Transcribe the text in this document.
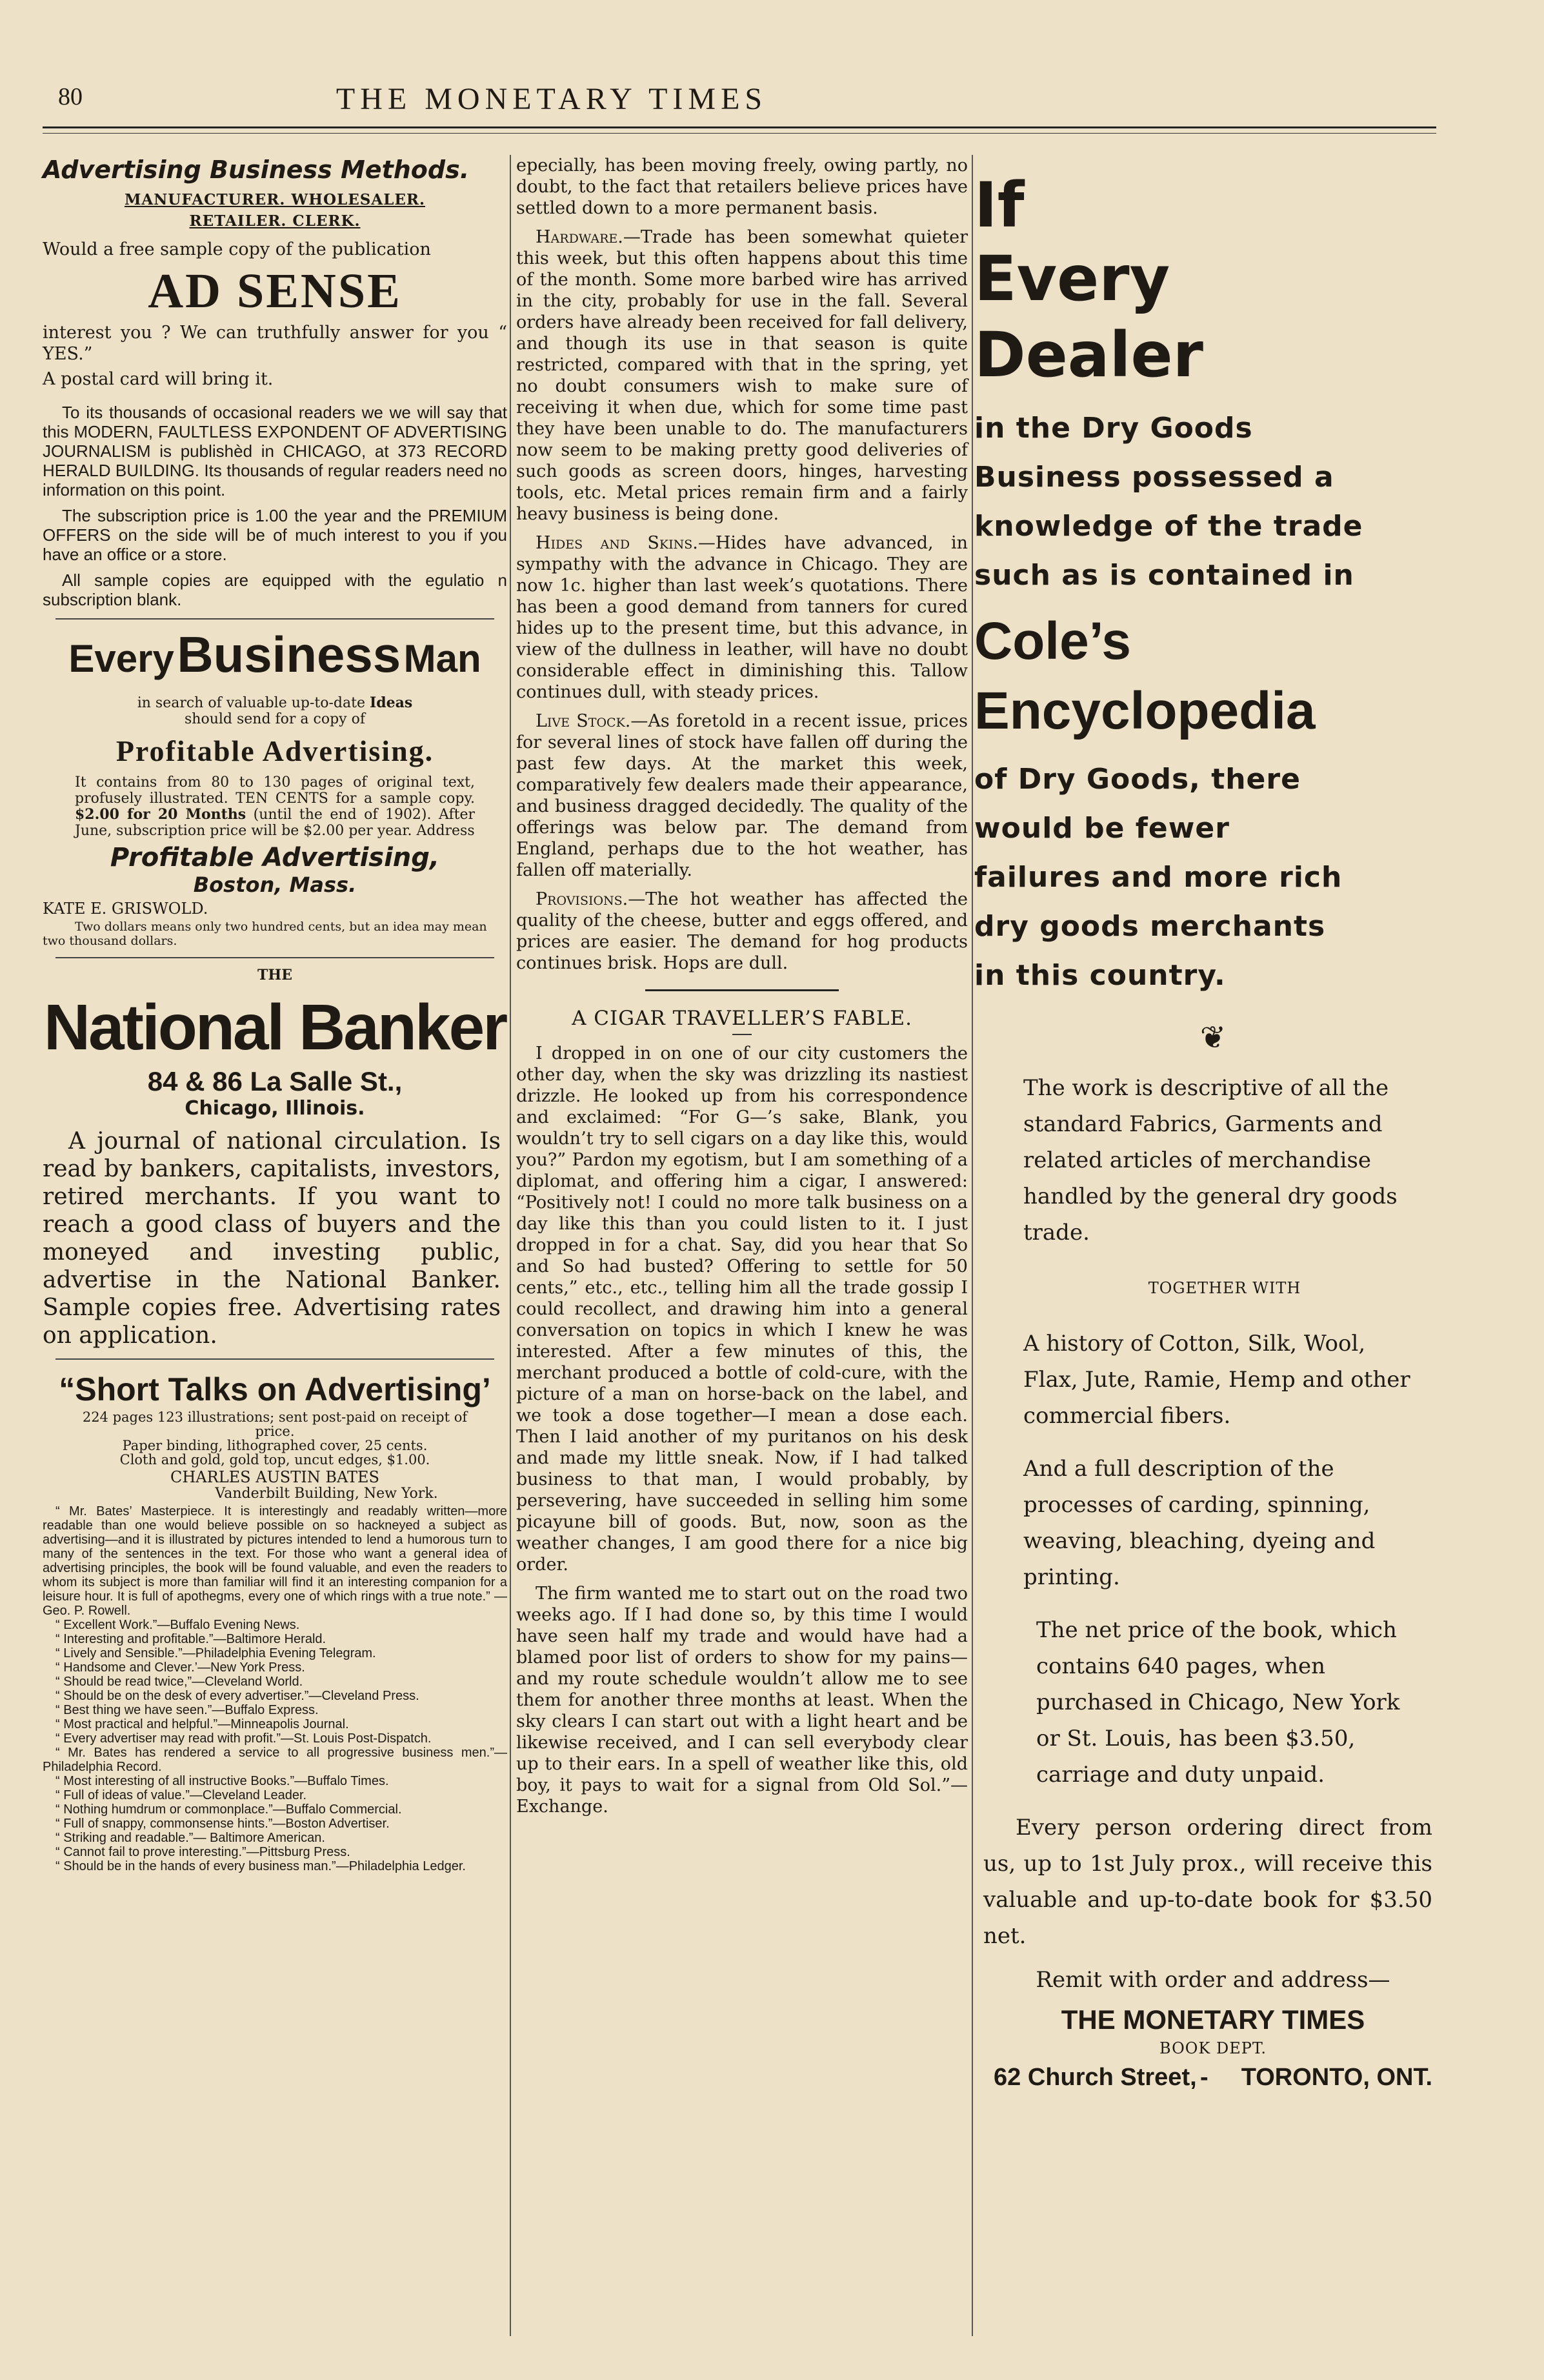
80	THE MONETARY TIMES
Advertising Business Methods.
MANUFACTURER. WHOLESALER.
RETAILER. CLERK.
Would a free sample copy of the publication
AD SENSE
interest you ? We can truthfully answer for you “ YES.”
A postal card will bring it.
To its thousands of occasional readers we we will say that this MODERN, FAULTLESS EXPONDENT OF ADVERTISING JOURNALISM is publishèd in CHICAGO, at 373 RECORD HERALD BUILDING. Its thousands of regular readers need no information on this point.
The subscription price is 1.00 the year and the PREMIUM OFFERS on the side will be of much interest to you if you have an office or a store.
All sample copies are equipped with the egulatio n subscription blank.
Every Business Man
in search of valuable up-to-date Ideas
should send for a copy of
Profitable Advertising.
It contains from 80 to 130 pages of original text, profusely illustrated. TEN CENTS for a sample copy. $2.00 for 20 Months (until the end of 1902). After June, subscription price will be $2.00 per year. Address
Profitable Advertising,
Boston, Mass.
KATE E. GRISWOLD.
Two dollars means only two hundred cents, but an idea may mean two thousand dollars.
THE
National Banker
84 & 86 La Salle St.,
Chicago, Illinois.
A journal of national circulation. Is read by bankers, capitalists, investors, retired merchants. If you want to reach a good class of buyers and the moneyed and investing public, advertise in the National Banker. Sample copies free. Advertising rates on application.
“Short Talks on Advertising’
224 pages 123 illustrations; sent post-paid on receipt of price.
Paper binding, lithographed cover, 25 cents.
Cloth and gold, gold top, uncut edges, $1.00.
CHARLES AUSTIN BATES
Vanderbilt Building, New York.
“ Mr. Bates’ Masterpiece. It is interestingly and readably written—more readable than one would believe possible on so hackneyed a subject as advertising—and it is illustrated by pictures intended to lend a humorous turn to many of the sentences in the text. For those who want a general idea of advertising principles, the book will be found valuable, and even the readers to whom its subject is more than familiar will find it an interesting companion for a leisure hour. It is full of apothegms, every one of which rings with a true note.” —Geo. P. Rowell.
“ Excellent Work.”—Buffalo Evening News.
“ Interesting and profitable.”—Baltimore Herald.
“ Lively and Sensible.”—Philadelphia Evening Telegram.
“ Handsome and Clever.’—New York Press.
“ Should be read twice,”—Cleveland World.
“ Should be on the desk of every advertiser.”—Cleveland Press.
“ Best thing we have seen.”—Buffalo Express.
“ Most practical and helpful.”—Minneapolis Journal.
“ Every advertiser may read with profit.”—St. Louis Post-Dispatch.
“ Mr. Bates has rendered a service to all progressive business men.”—Philadelphia Record.
“ Most interesting of all instructive Books.”—Buffalo Times.
“ Full of ideas of value.”—Cleveland Leader.
“ Nothing humdrum or commonplace.”—Buffalo Commercial.
“ Full of snappy, commonsense hints.”—Boston Advertiser.
“ Striking and readable.”— Baltimore American.
“ Cannot fail to prove interesting.”—Pittsburg Press.
“ Should be in the hands of every business man.”—Philadelphia Ledger.

epecially, has been moving freely, owing partly, no doubt, to the fact that retailers believe prices have settled down to a more permanent basis.

Hardware.—Trade has been somewhat quieter this week, but this often happens about this time of the month. Some more barbed wire has arrived in the city, probably for use in the fall. Several orders have already been received for fall delivery, and though its use in that season is quite restricted, compared with that in the spring, yet no doubt consumers wish to make sure of receiving it when due, which for some time past they have been unable to do. The manufacturers now seem to be making pretty good deliveries of such goods as screen doors, hinges, harvesting tools, etc. Metal prices remain firm and a fairly heavy business is being done.

Hides and Skins.—Hides have advanced, in sympathy with the advance in Chicago. They are now 1c. higher than last week’s quotations. There has been a good demand from tanners for cured hides up to the present time, but this advance, in view of the dullness in leather, will have no doubt considerable effect in diminishing this. Tallow continues dull, with steady prices.

Live Stock.—As foretold in a recent issue, prices for several lines of stock have fallen off during the past few days. At the market this week, comparatively few dealers made their appearance, and business dragged decidedly. The quality of the offerings was below par. The demand from England, perhaps due to the hot weather, has fallen off materially.

Provisions.—The hot weather has affected the quality of the cheese, butter and eggs offered, and prices are easier. The demand for hog products continues brisk. Hops are dull.

A CIGAR TRAVELLER’S FABLE.

I dropped in on one of our city customers the other day, when the sky was drizzling its nastiest drizzle. He looked up from his correspondence and exclaimed: “For G—’s sake, Blank, you wouldn’t try to sell cigars on a day like this, would you?” Pardon my egotism, but I am something of a diplomat, and offering him a cigar, I answered: “Positively not! I could no more talk business on a day like this than you could listen to it. I just dropped in for a chat. Say, did you hear that So and So had busted? Offering to settle for 50 cents,” etc., etc., telling him all the trade gossip I could recollect, and drawing him into a general conversation on topics in which I knew he was interested. After a few minutes of this, the merchant produced a bottle of cold-cure, with the picture of a man on horse-back on the label, and we took a dose together—I mean a dose each. Then I laid another of my puritanos on his desk and made my little sneak. Now, if I had talked business to that man, I would probably, by persevering, have succeeded in selling him some picayune bill of goods. But, now, soon as the weather changes, I am good there for a nice big order.

The firm wanted me to start out on the road two weeks ago. If I had done so, by this time I would have seen half my trade and would have had a blamed poor list of orders to show for my pains—and my route schedule wouldn’t allow me to see them for another three months at least. When the sky clears I can start out with a light heart and be likewise received, and I can sell everybody clear up to their ears. In a spell of weather like this, old boy, it pays to wait for a signal from Old Sol.”—Exchange.

If
Every
Dealer
in the Dry Goods
Business possessed a
knowledge of the trade
such as is contained in
Cole’s
Encyclopedia
of Dry Goods, there
would be fewer
failures and more rich
dry goods merchants
in this country.
❦

The work is descriptive of all the standard Fabrics, Garments and related articles of merchandise handled by the general dry goods trade.

TOGETHER WITH

A history of Cotton, Silk, Wool, Flax, Jute, Ramie, Hemp and other commercial fibers.

And a full description of the processes of carding, spinning, weaving, bleaching, dyeing and printing.

The net price of the book, which contains 640 pages, when purchased in Chicago, New York or St. Louis, has been $3.50, carriage and duty unpaid.

Every person ordering direct from us, up to 1st July prox., will receive this valuable and up-to-date book for $3.50 net.
Remit with order and address—
THE MONETARY TIMES
BOOK DEPT.
62 Church Street, - TORONTO, ONT.
